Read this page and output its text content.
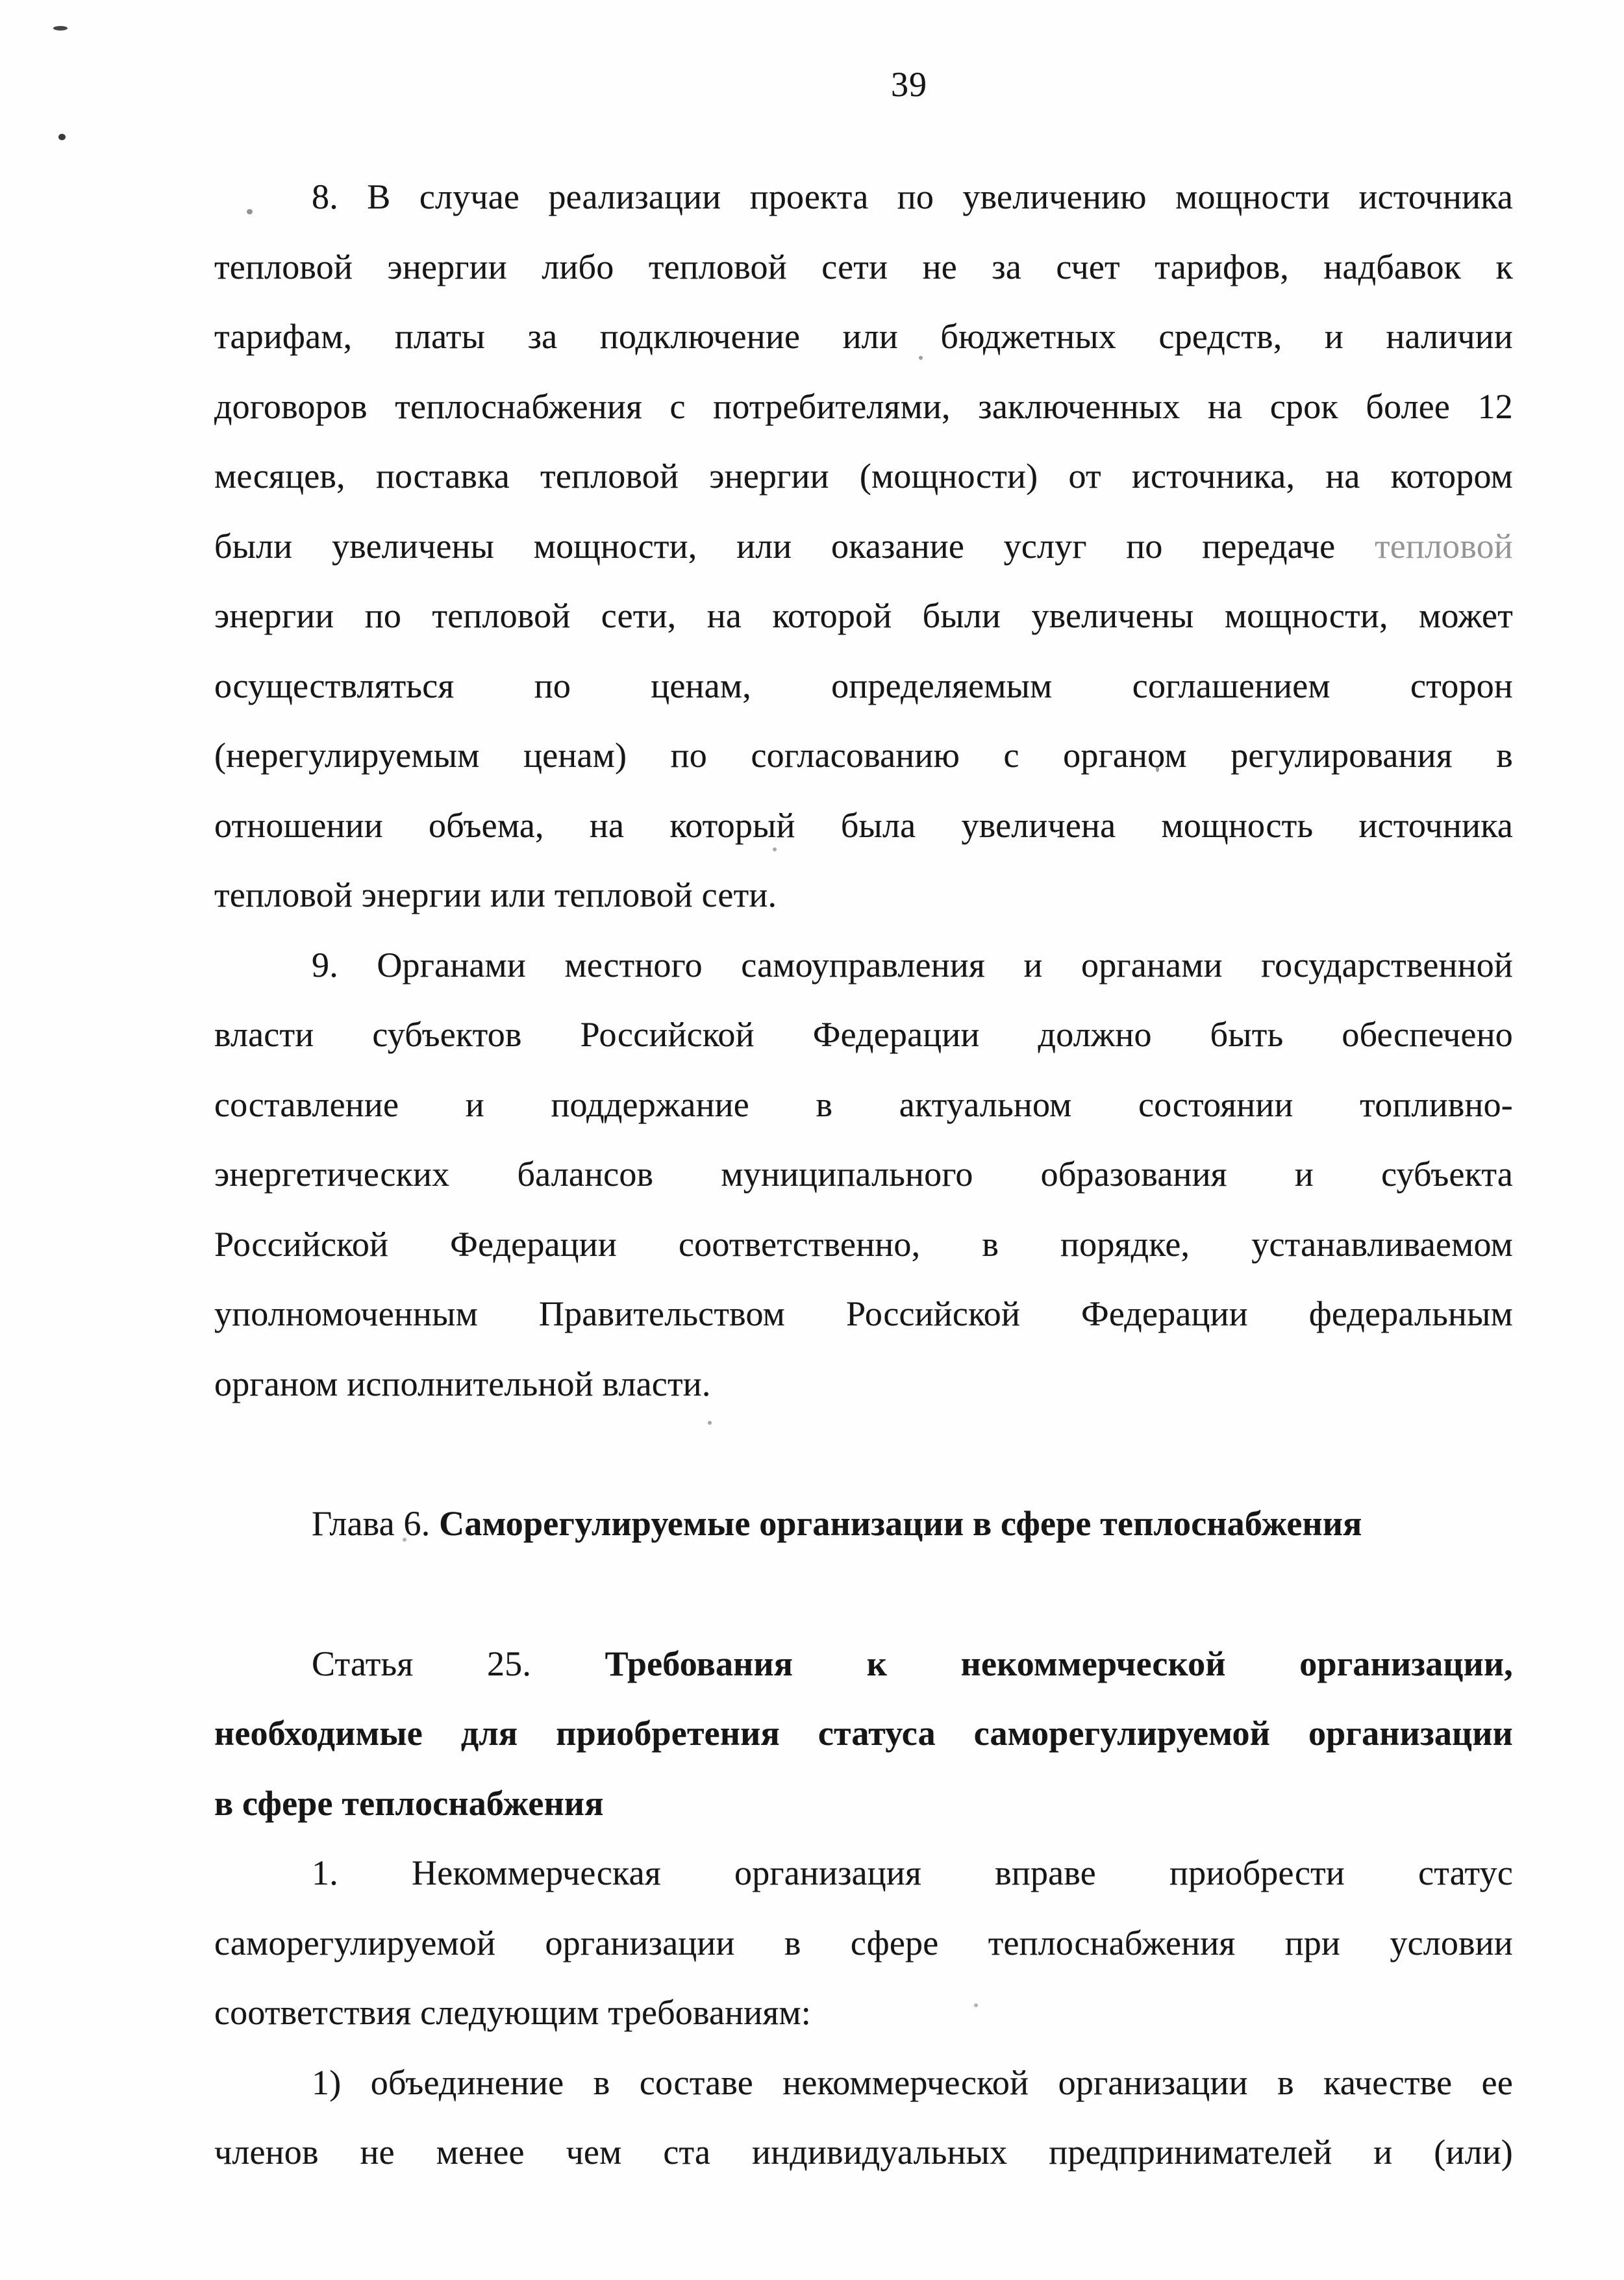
39
8. В случае реализации проекта по увеличению мощности источника
тепловой энергии либо тепловой сети не за счет тарифов, надбавок к
тарифам, платы за подключение или бюджетных средств, и наличии
договоров теплоснабжения с потребителями, заключенных на срок более 12
месяцев, поставка тепловой энергии (мощности) от источника, на котором
были увеличены мощности, или оказание услуг по передаче тепловой
энергии по тепловой сети, на которой были увеличены мощности, может
осуществляться по ценам, определяемым соглашением сторон
(нерегулируемым ценам) по согласованию с органом регулирования в
отношении объема, на который была увеличена мощность источника
тепловой энергии или тепловой сети.
9. Органами местного самоуправления и органами государственной
власти субъектов Российской Федерации должно быть обеспечено
составление и поддержание в актуальном состоянии топливно-
энергетических балансов муниципального образования и субъекта
Российской Федерации соответственно, в порядке, устанавливаемом
уполномоченным Правительством Российской Федерации федеральным
органом исполнительной власти.
Глава 6. Саморегулируемые организации в сфере теплоснабжения
Статья 25. Требования к некоммерческой организации,
необходимые для приобретения статуса саморегулируемой организации
в сфере теплоснабжения
1. Некоммерческая организация вправе приобрести статус
саморегулируемой организации в сфере теплоснабжения при условии
соответствия следующим требованиям:
1) объединение в составе некоммерческой организации в качестве ее
членов не менее чем ста индивидуальных предпринимателей и (или)
